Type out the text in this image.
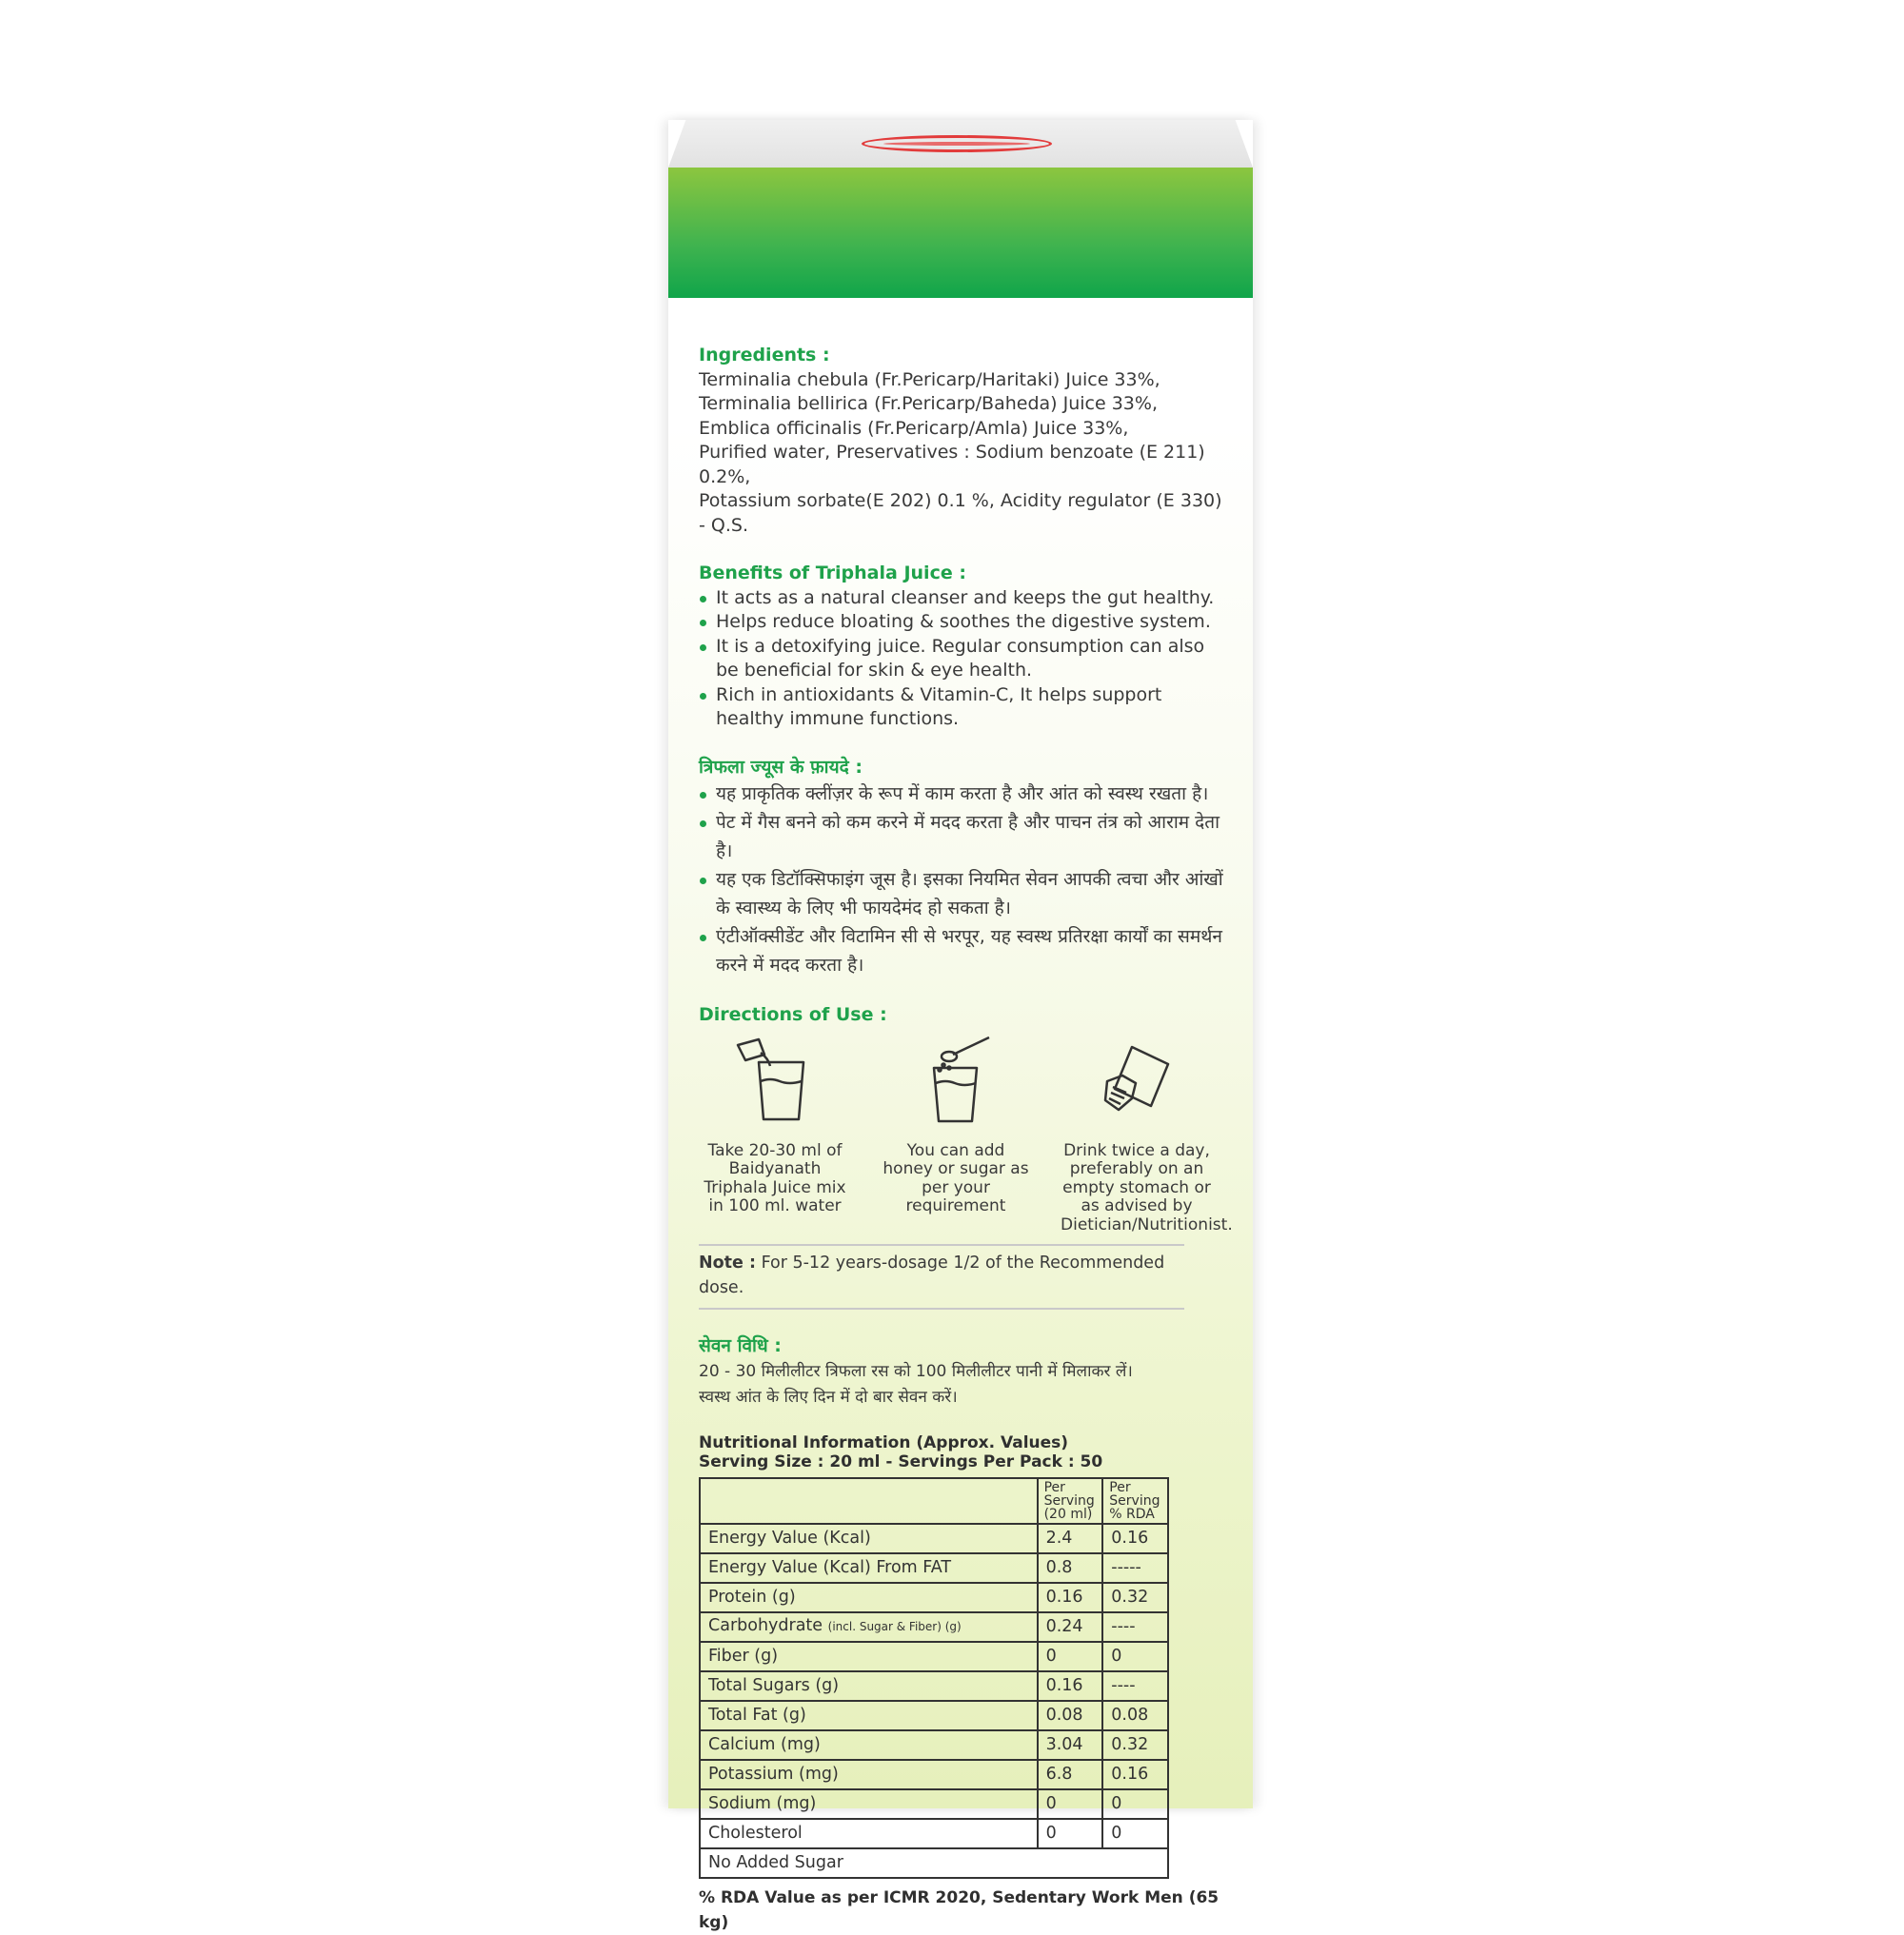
Ingredients :

Terminalia chebula (Fr.Pericarp/Haritaki) Juice 33%,

Terminalia bellirica (Fr.Pericarp/Baheda) Juice 33%,

Emblica officinalis (Fr.Pericarp/Amla) Juice 33%,

Purified water, Preservatives : Sodium benzoate (E 211) 0.2%,

Potassium sorbate(E 202) 0.1 %, Acidity regulator (E 330) - Q.S.

Benefits of Triphala Juice :
It acts as a natural cleanser and keeps the gut healthy.
Helps reduce bloating & soothes the digestive system.
It is a detoxifying juice. Regular consumption can also be beneficial for skin & eye health.
Rich in antioxidants & Vitamin-C, It helps support healthy immune functions.
त्रिफला ज्यूस के फ़ायदे :
यह प्राकृतिक क्लींज़र के रूप में काम करता है और आंत को स्वस्थ रखता है।
पेट में गैस बनने को कम करने में मदद करता है और पाचन तंत्र को आराम देता है।
यह एक डिटॉक्सिफाइंग जूस है। इसका नियमित सेवन आपकी त्वचा और आंखों के स्वास्थ्य के लिए भी फायदेमंद हो सकता है।
एंटीऑक्सीडेंट और विटामिन सी से भरपूर, यह स्वस्थ प्रतिरक्षा कार्यों का समर्थन करने में मदद करता है।
Directions of Use :
Take 20-30 ml of Baidyanath Triphala Juice mix in 100 ml. water
You can add honey or sugar as per your requirement
Drink twice a day, preferably on an empty stomach or as advised by Dietician/Nutritionist.
Note : For 5-12 years-dosage 1/2 of the Recommended dose.
सेवन विधि :
20 - 30 मिलीलीटर त्रिफला रस को 100 मिलीलीटर पानी में मिलाकर लें।
स्वस्थ आंत के लिए दिन में दो बार सेवन करें।
Nutritional Information (Approx. Values)
Serving Size : 20 ml - Servings Per Pack : 50
	Per Serving (20 ml)	Per Serving % RDA
Energy Value (Kcal)	2.4	0.16
Energy Value (Kcal) From FAT	0.8	-----
Protein (g)	0.16	0.32
Carbohydrate (incl. Sugar & Fiber) (g)	0.24	----
Fiber (g)	0	0
Total Sugars (g)	0.16	----
Total Fat (g)	0.08	0.08
Calcium (mg)	3.04	0.32
Potassium (mg)	6.8	0.16
Sodium (mg)	0	0
Cholesterol	0	0
No Added Sugar		
% RDA Value as per ICMR 2020, Sedentary Work Men (65 kg)
